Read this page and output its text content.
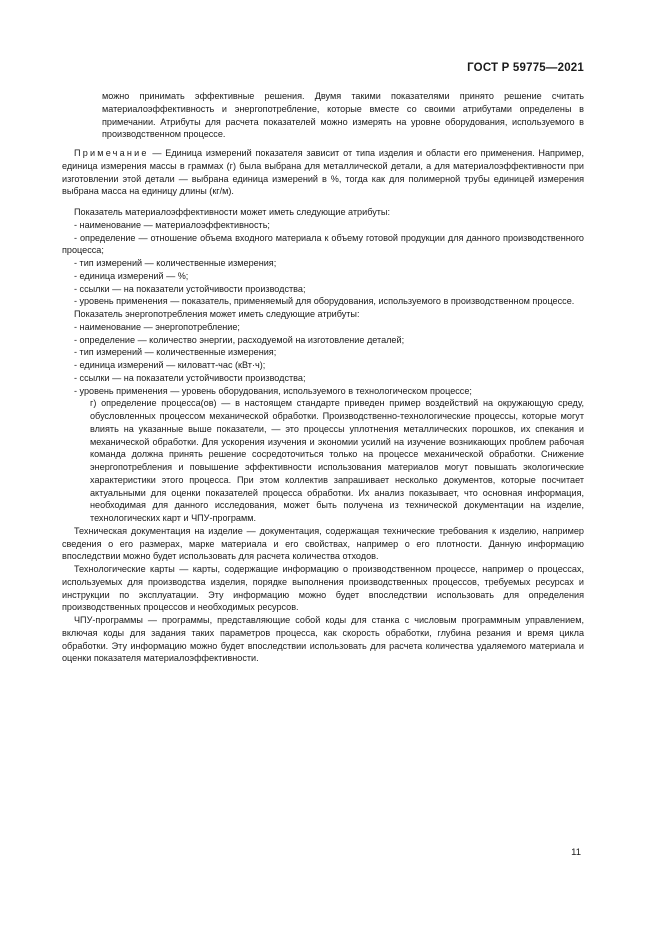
ГОСТ Р 59775—2021

можно принимать эффективные решения. Двумя такими показателями принято решение считать материалоэффективность и энергопотребление, которые вместе со своими атрибутами определены в примечании. Атрибуты для расчета показателей можно измерять на уровне оборудования, используемого в производственном процессе.

Примечание — Единица измерений показателя зависит от типа изделия и области его применения. Например, единица измерения массы в граммах (г) была выбрана для металлической детали, а для материалоэффективности при изготовлении этой детали — выбрана единица измерений в %, тогда как для полимерной трубы единицей измерения выбрана масса на единицу длины (кг/м).

Показатель материалоэффективности может иметь следующие атрибуты:

- наименование — материалоэффективность;

- определение — отношение объема входного материала к объему готовой продукции для данного производственного процесса;

- тип измерений — количественные измерения;

- единица измерений — %;

- ссылки — на показатели устойчивости производства;

- уровень применения — показатель, применяемый для оборудования, используемого в производственном процессе.

Показатель энергопотребления может иметь следующие атрибуты:

- наименование — энергопотребление;

- определение — количество энергии, расходуемой на изготовление деталей;

- тип измерений — количественные измерения;

- единица измерений — киловатт-час (кВт·ч);

- ссылки — на показатели устойчивости производства;

- уровень применения — уровень оборудования, используемого в технологическом процессе;

г) определение процесса(ов) — в настоящем стандарте приведен пример воздействий на окружающую среду, обусловленных процессом механической обработки. Производственно-технологические процессы, которые могут влиять на указанные выше показатели, — это процессы уплотнения металлических порошков, их спекания и механической обработки. Для ускорения изучения и экономии усилий на изучение возникающих проблем рабочая команда должна принять решение сосредоточиться только на процессе механической обработки. Снижение энергопотребления и повышение эффективности использования материалов могут повышать экологические характеристики этого процесса. При этом коллектив запрашивает несколько документов, которые посчитает актуальными для оценки показателей процесса обработки. Их анализ показывает, что основная информация, необходимая для данного исследования, может быть получена из технической документации на изделие, технологических карт и ЧПУ-программ.

Техническая документация на изделие — документация, содержащая технические требования к изделию, например сведения о его размерах, марке материала и его свойствах, например о его плотности. Данную информацию впоследствии можно будет использовать для расчета количества отходов.

Технологические карты — карты, содержащие информацию о производственном процессе, например о процессах, используемых для производства изделия, порядке выполнения производственных процессов, требуемых ресурсах и инструкции по эксплуатации. Эту информацию можно будет впоследствии использовать для определения производственных процессов и необходимых ресурсов.

ЧПУ-программы — программы, представляющие собой коды для станка с числовым программным управлением, включая коды для задания таких параметров процесса, как скорость обработки, глубина резания и время цикла обработки. Эту информацию можно будет впоследствии использовать для расчета количества удаляемого материала и оценки показателя материалоэффективности.

11
